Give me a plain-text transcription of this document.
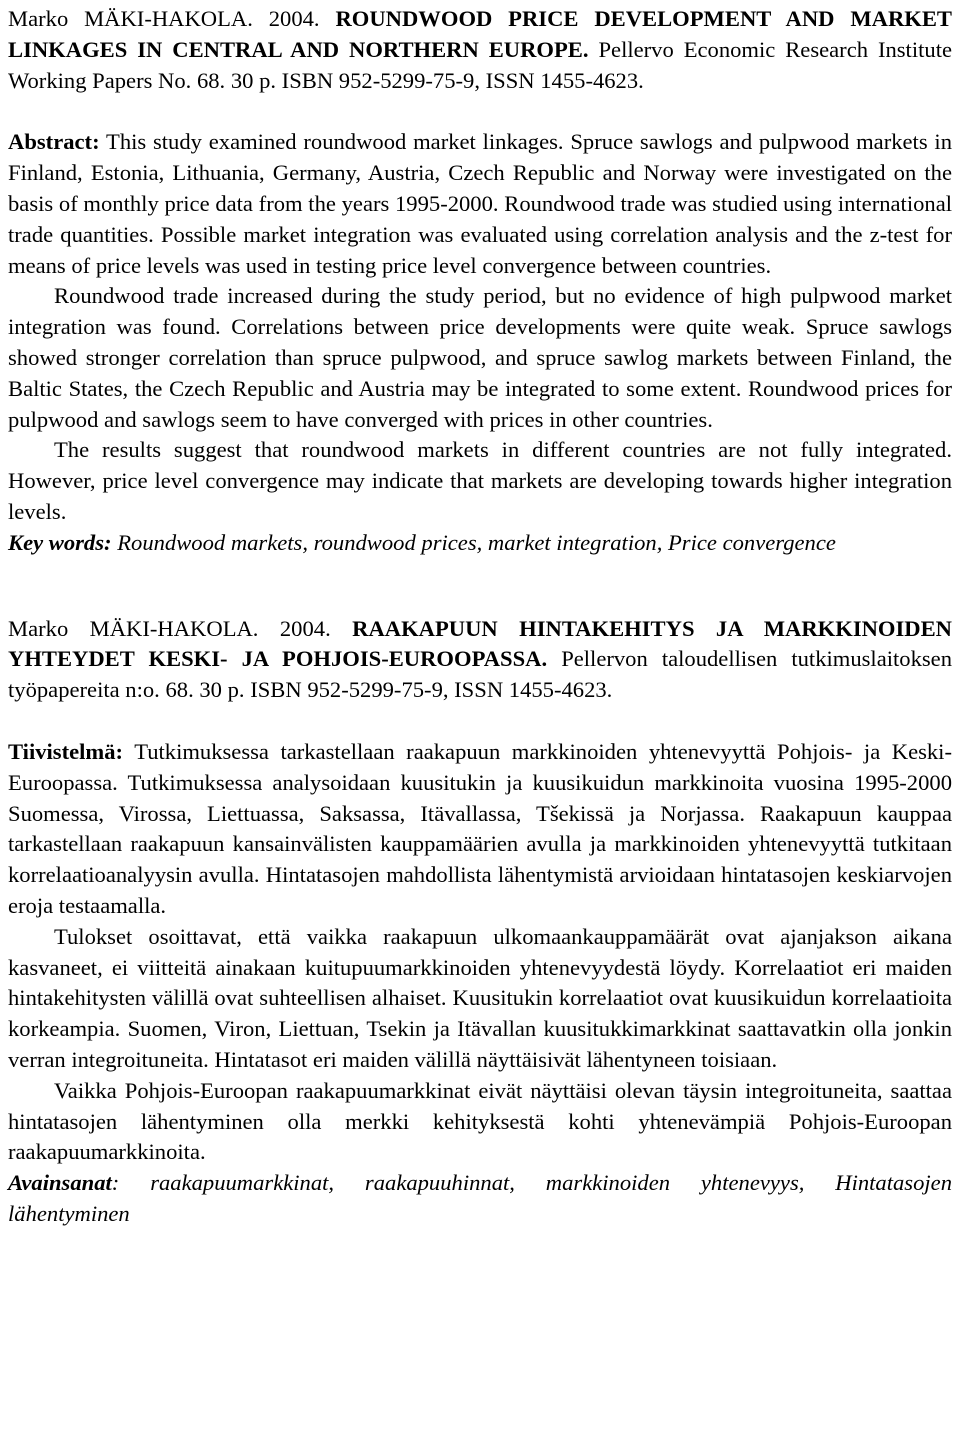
Marko MÄKI-HAKOLA. 2004. ROUNDWOOD PRICE DEVELOPMENT AND MARKET LINKAGES IN CENTRAL AND NORTHERN EUROPE. Pellervo Economic Research Institute Working Papers No. 68. 30 p. ISBN 952-5299-75-9, ISSN 1455-4623.

Abstract: This study examined roundwood market linkages. Spruce sawlogs and pulpwood markets in Finland, Estonia, Lithuania, Germany, Austria, Czech Republic and Norway were investigated on the basis of monthly price data from the years 1995-2000. Roundwood trade was studied using international trade quantities. Possible market integration was evaluated using correlation analysis and the z-test for means of price levels was used in testing price level convergence between countries.

Roundwood trade increased during the study period, but no evidence of high pulpwood market integration was found. Correlations between price developments were quite weak. Spruce sawlogs showed stronger correlation than spruce pulpwood, and spruce sawlog markets between Finland, the Baltic States, the Czech Republic and Austria may be integrated to some extent. Roundwood prices for pulpwood and sawlogs seem to have converged with prices in other countries.

The results suggest that roundwood markets in different countries are not fully integrated. However, price level convergence may indicate that markets are developing towards higher integration levels.

Key words: Roundwood markets, roundwood prices, market integration, Price convergence

Marko MÄKI-HAKOLA. 2004. RAAKAPUUN HINTAKEHITYS JA MARKKINOIDEN YHTEYDET KESKI- JA POHJOIS-EUROOPASSA. Pellervon taloudellisen tutkimuslaitoksen työpapereita n:o. 68. 30 p. ISBN 952-5299-75-9, ISSN 1455-4623.

Tiivistelmä: Tutkimuksessa tarkastellaan raakapuun markkinoiden yhtenevyyttä Pohjois- ja Keski-Euroopassa. Tutkimuksessa analysoidaan kuusitukin ja kuusikuidun markkinoita vuosina 1995-2000 Suomessa, Virossa, Liettuassa, Saksassa, Itävallassa, Tšekissä ja Norjassa. Raakapuun kauppaa tarkastellaan raakapuun kansainvälisten kauppamäärien avulla ja markkinoiden yhtenevyyttä tutkitaan korrelaatioanalyysin avulla. Hintatasojen mahdollista lähentymistä arvioidaan hintatasojen keskiarvojen eroja testaamalla.

Tulokset osoittavat, että vaikka raakapuun ulkomaankauppamäärät ovat ajanjakson aikana kasvaneet, ei viitteitä ainakaan kuitupuumarkkinoiden yhtenevyydestä löydy. Korrelaatiot eri maiden hintakehitysten välillä ovat suhteellisen alhaiset. Kuusitukin korrelaatiot ovat kuusikuidun korrelaatioita korkeampia. Suomen, Viron, Liettuan, Tsekin ja Itävallan kuusitukkimarkkinat saattavatkin olla jonkin verran integroituneita. Hintatasot eri maiden välillä näyttäisivät lähentyneen toisiaan.

Vaikka Pohjois-Euroopan raakapuumarkkinat eivät näyttäisi olevan täysin integroituneita, saattaa hintatasojen lähentyminen olla merkki kehityksestä kohti yhtenevämpiä Pohjois-Euroopan raakapuumarkkinoita.

Avainsanat: raakapuumarkkinat, raakapuuhinnat, markkinoiden yhtenevyys, Hintatasojen lähentyminen
